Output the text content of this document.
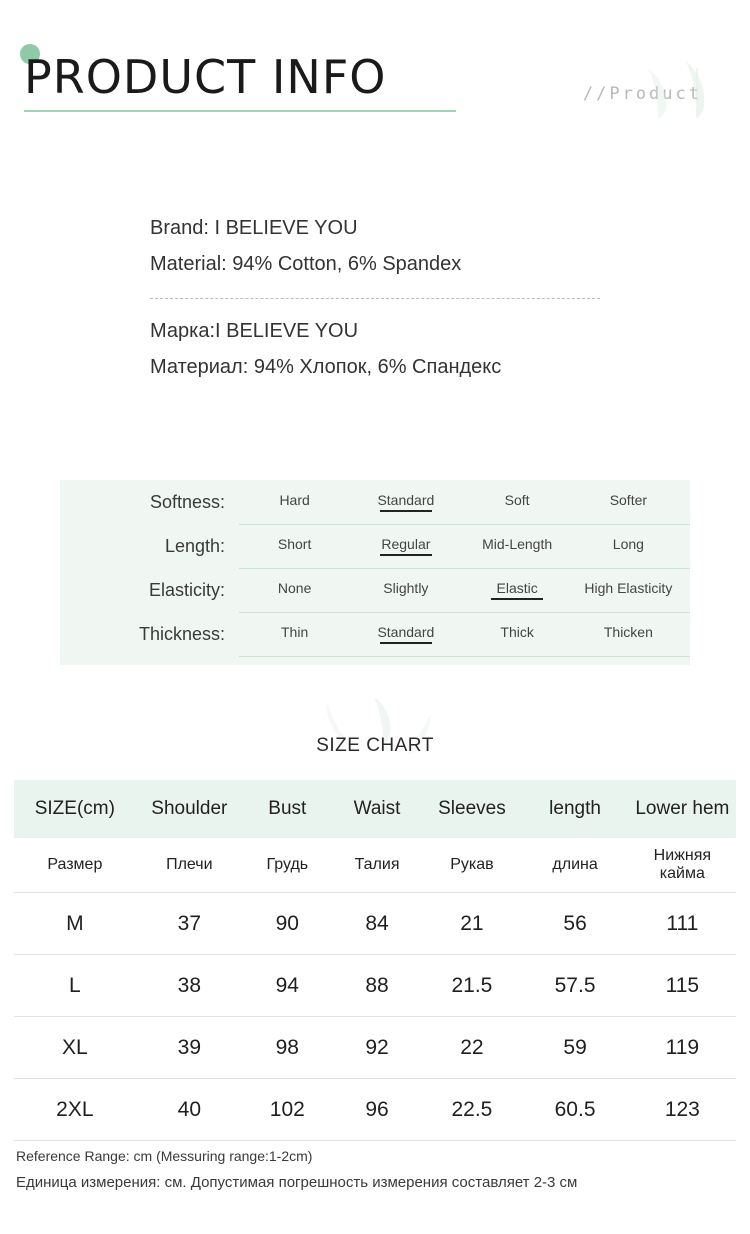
PRODUCT INFO	//Product
Brand: I BELIEVE YOU
Material: 94% Cotton, 6% Spandex
Марка:I BELIEVE YOU
Материал: 94% Хлопок, 6% Спандекс
Softness:	Hard	Standard	Soft	Softer
Length:	Short	Regular	Mid-Length	Long
Elasticity:	None	Slightly	Elastic	High Elasticity
Thickness:	Thin	Standard	Thick	Thicken
SIZE CHART
SIZE(cm)	Shoulder	Bust	Waist	Sleeves	length	Lower hem
Размер	Плечи	Грудь	Талия	Рукав	длина	Нижняя кайма
M	37	90	84	21	56	111
L	38	94	88	21.5	57.5	115
XL	39	98	92	22	59	119
2XL	40	102	96	22.5	60.5	123
Reference Range: cm (Messuring range:1-2cm)
Единица измерения: см. Допустимая погрешность измерения составляет 2-3 см
